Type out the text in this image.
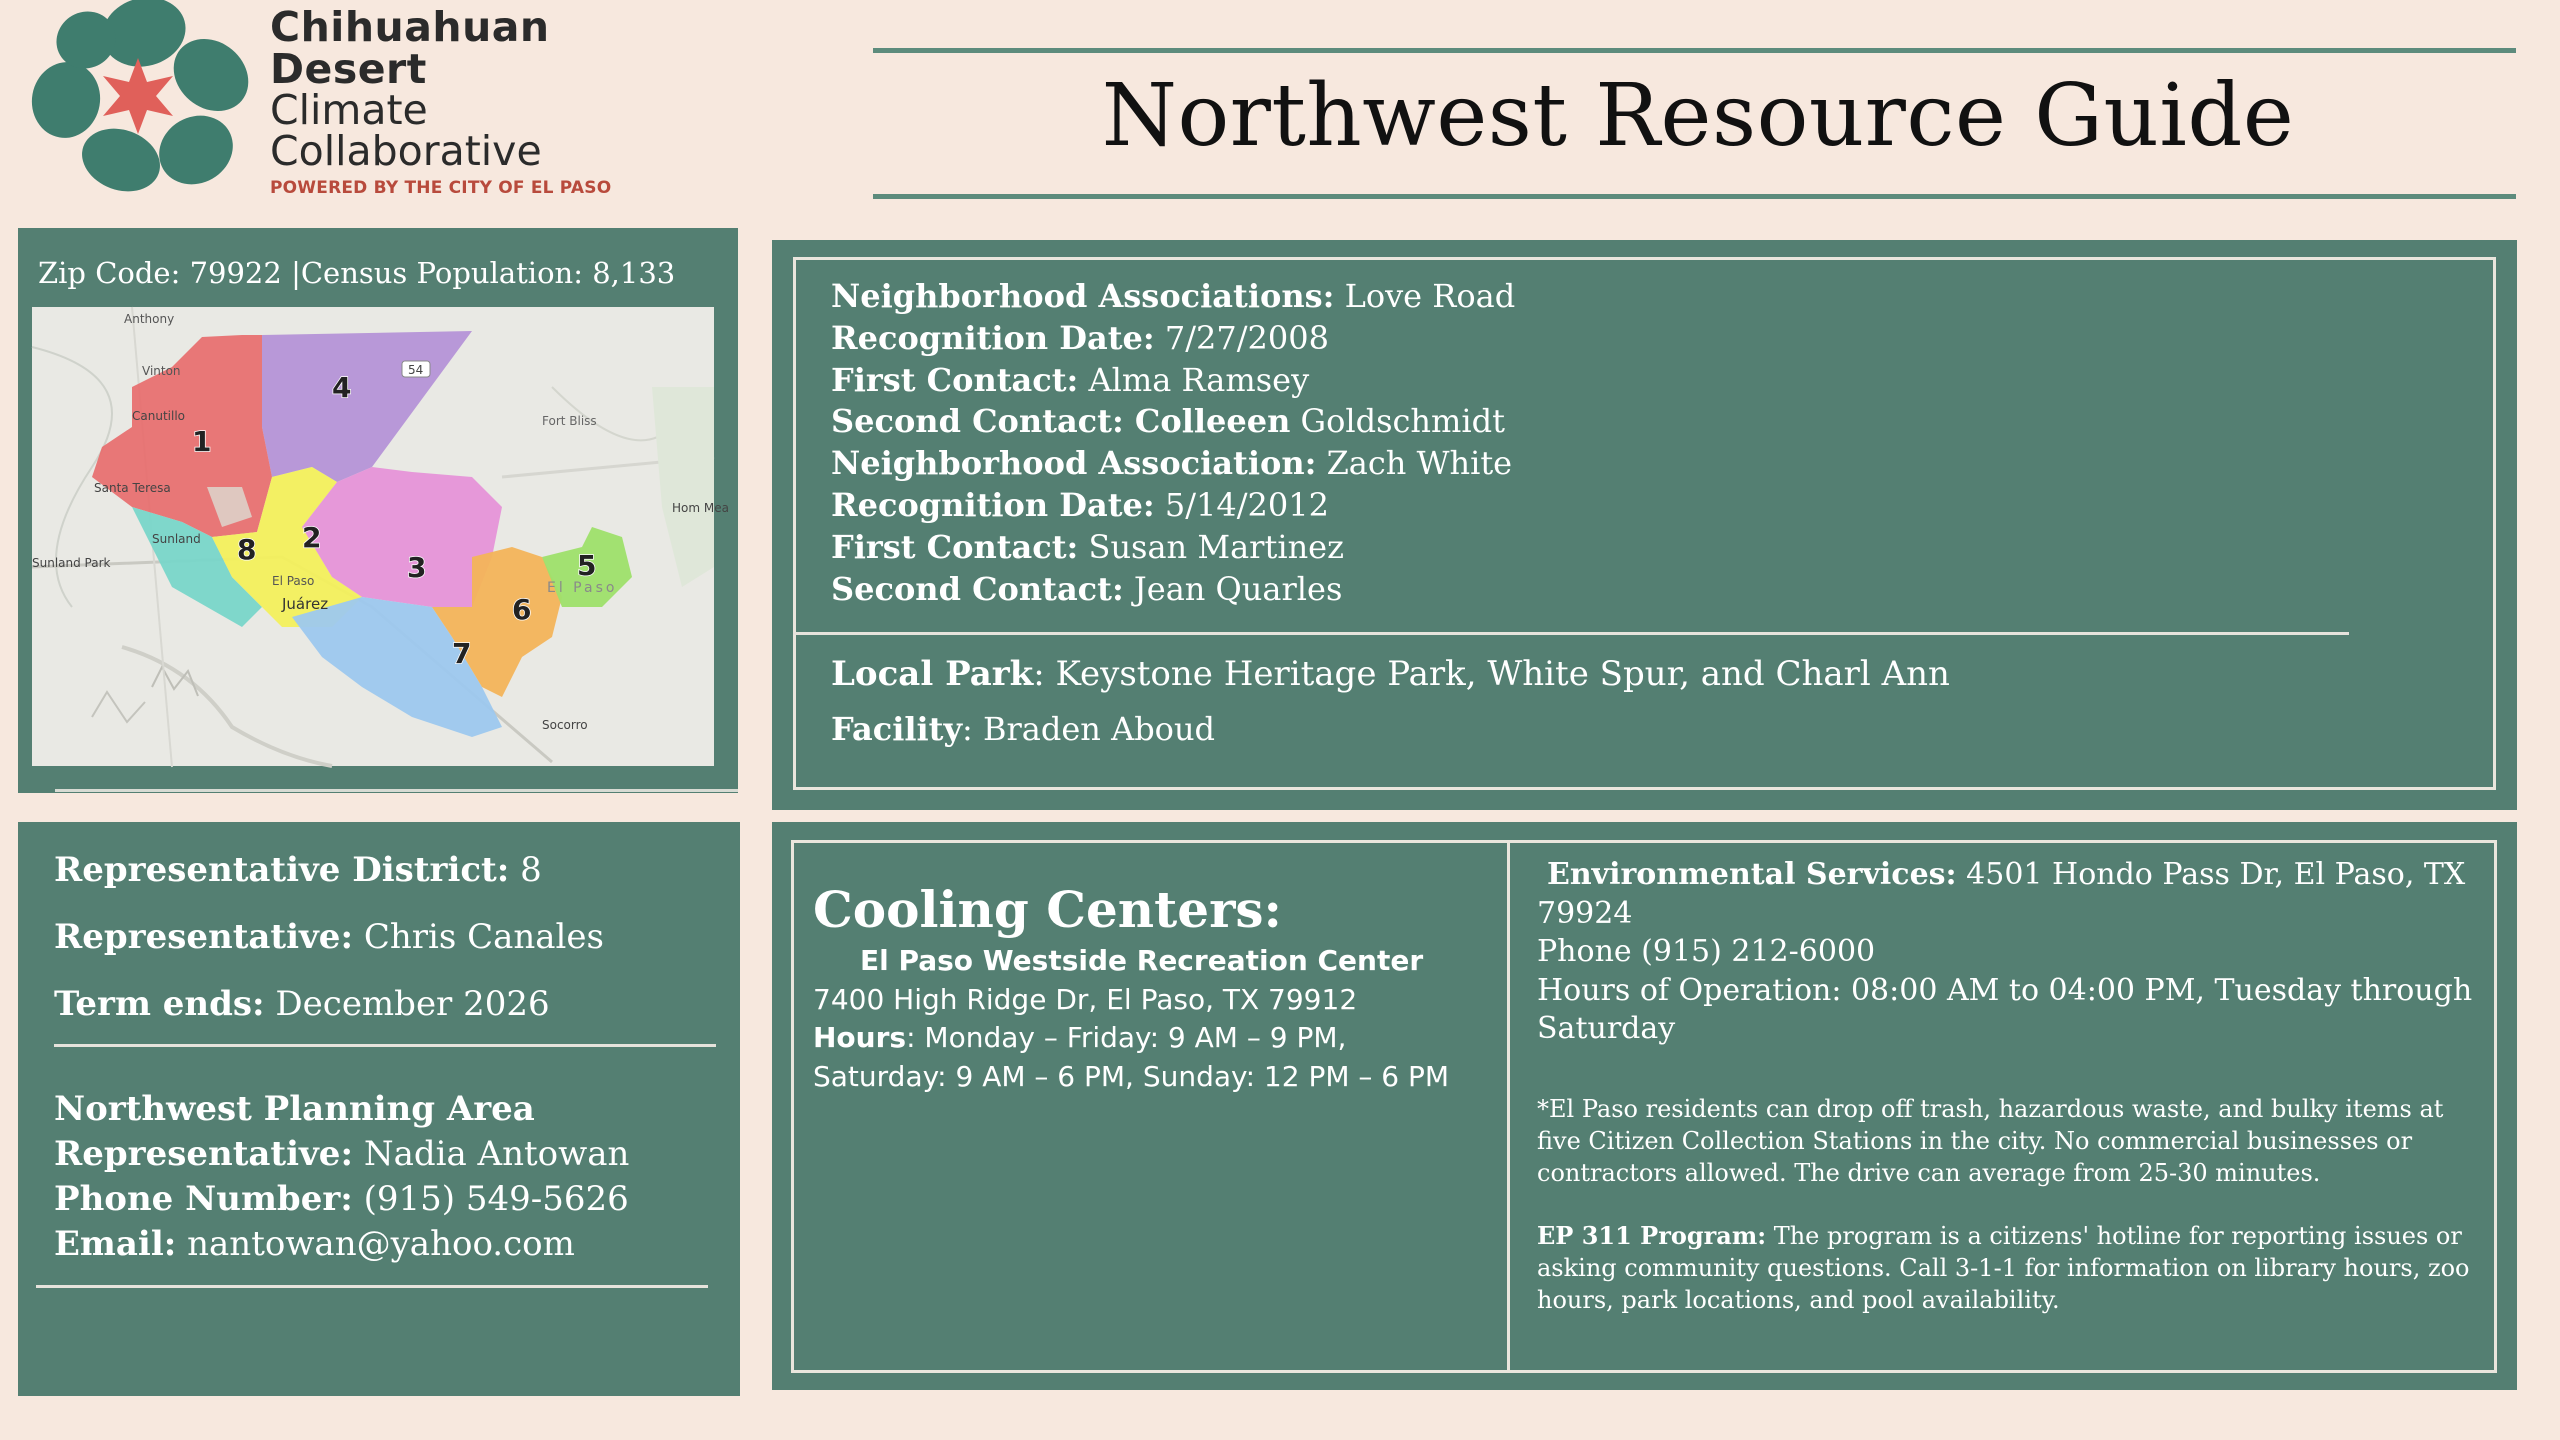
Chihuahuan
Desert
Climate
Collaborative
POWERED BY THE CITY OF EL PASO
Northwest Resource Guide
Zip Code: 79922 |Census Population: 8,133
Anthony
Vinton
Canutillo
Santa Teresa
Sunland
Sunland Park
El Paso
Juárez
Fort Bliss
Hom Mea
El Paso
Socorro
54
1
2
3
4
5
6
7
8
Neighborhood Associations: Love Road
Recognition Date: 7/27/2008
First Contact: Alma Ramsey
Second Contact: Colleeen Goldschmidt
Neighborhood Association: Zach White
Recognition Date: 5/14/2012
First Contact: Susan Martinez
Second Contact: Jean Quarles
Local Park: Keystone Heritage Park, White Spur, and Charl Ann
Facility: Braden Aboud
Representative District: 8
Representative: Chris Canales
Term ends: December 2026
Northwest Planning Area
Representative: Nadia Antowan
Phone Number: (915) 549-5626
Email: nantowan@yahoo.com
Cooling Centers:
El Paso Westside Recreation Center
7400 High Ridge Dr, El Paso, TX 79912
Hours: Monday – Friday: 9 AM – 9 PM,
Saturday: 9 AM – 6 PM, Sunday: 12 PM – 6 PM
Environmental Services: 4501 Hondo Pass Dr, El Paso, TX
79924
Phone (915) 212-6000
Hours of Operation: 08:00 AM to 04:00 PM, Tuesday through
Saturday
*El Paso residents can drop off trash, hazardous waste, and bulky items at
five Citizen Collection Stations in the city. No commercial businesses or
contractors allowed. The drive can average from 25-30 minutes.
EP 311 Program: The program is a citizens' hotline for reporting issues or
asking community questions. Call 3-1-1 for information on library hours, zoo
hours, park locations, and pool availability.
